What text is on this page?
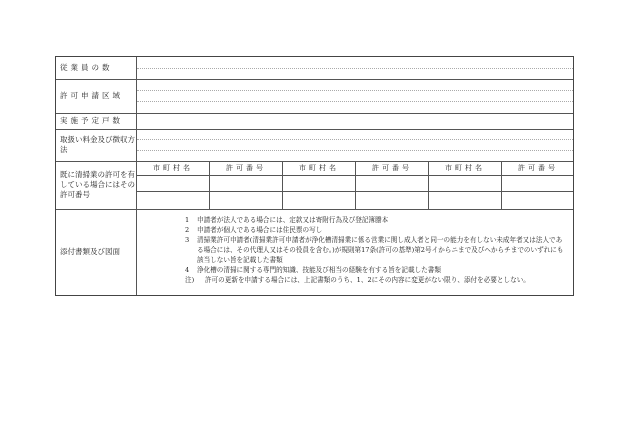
従業員の数
許可申請区域
実施予定戸数
取扱い料金及び徴収方法
既に清掃業の許可を有している場合にはその許可番号
市町村名	許可番号	市町村名	許可番号	市町村名	許可番号
添付書類及び図面
1	申請者が法人である場合には、定款又は寄附行為及び登記簿謄本
2	申請者が個人である場合には住民票の写し
3	清掃業許可申請者(清掃業許可申請者が浄化槽清掃業に係る営業に関し成人者と同一の能力を有しない未成年者又は法人である場合には、その代理人又はその役員を含む。)が規則第17条(許可の基準)第2号イからニまで及びヘからチまでのいずれにも該当しない旨を記載した書類
4	浄化槽の清掃に関する専門的知識、技能及び相当の経験を有する旨を記載した書類
注)	許可の更新を申請する場合には、上記書類のうち、1、2にその内容に変更がない限り、添付を必要としない。
